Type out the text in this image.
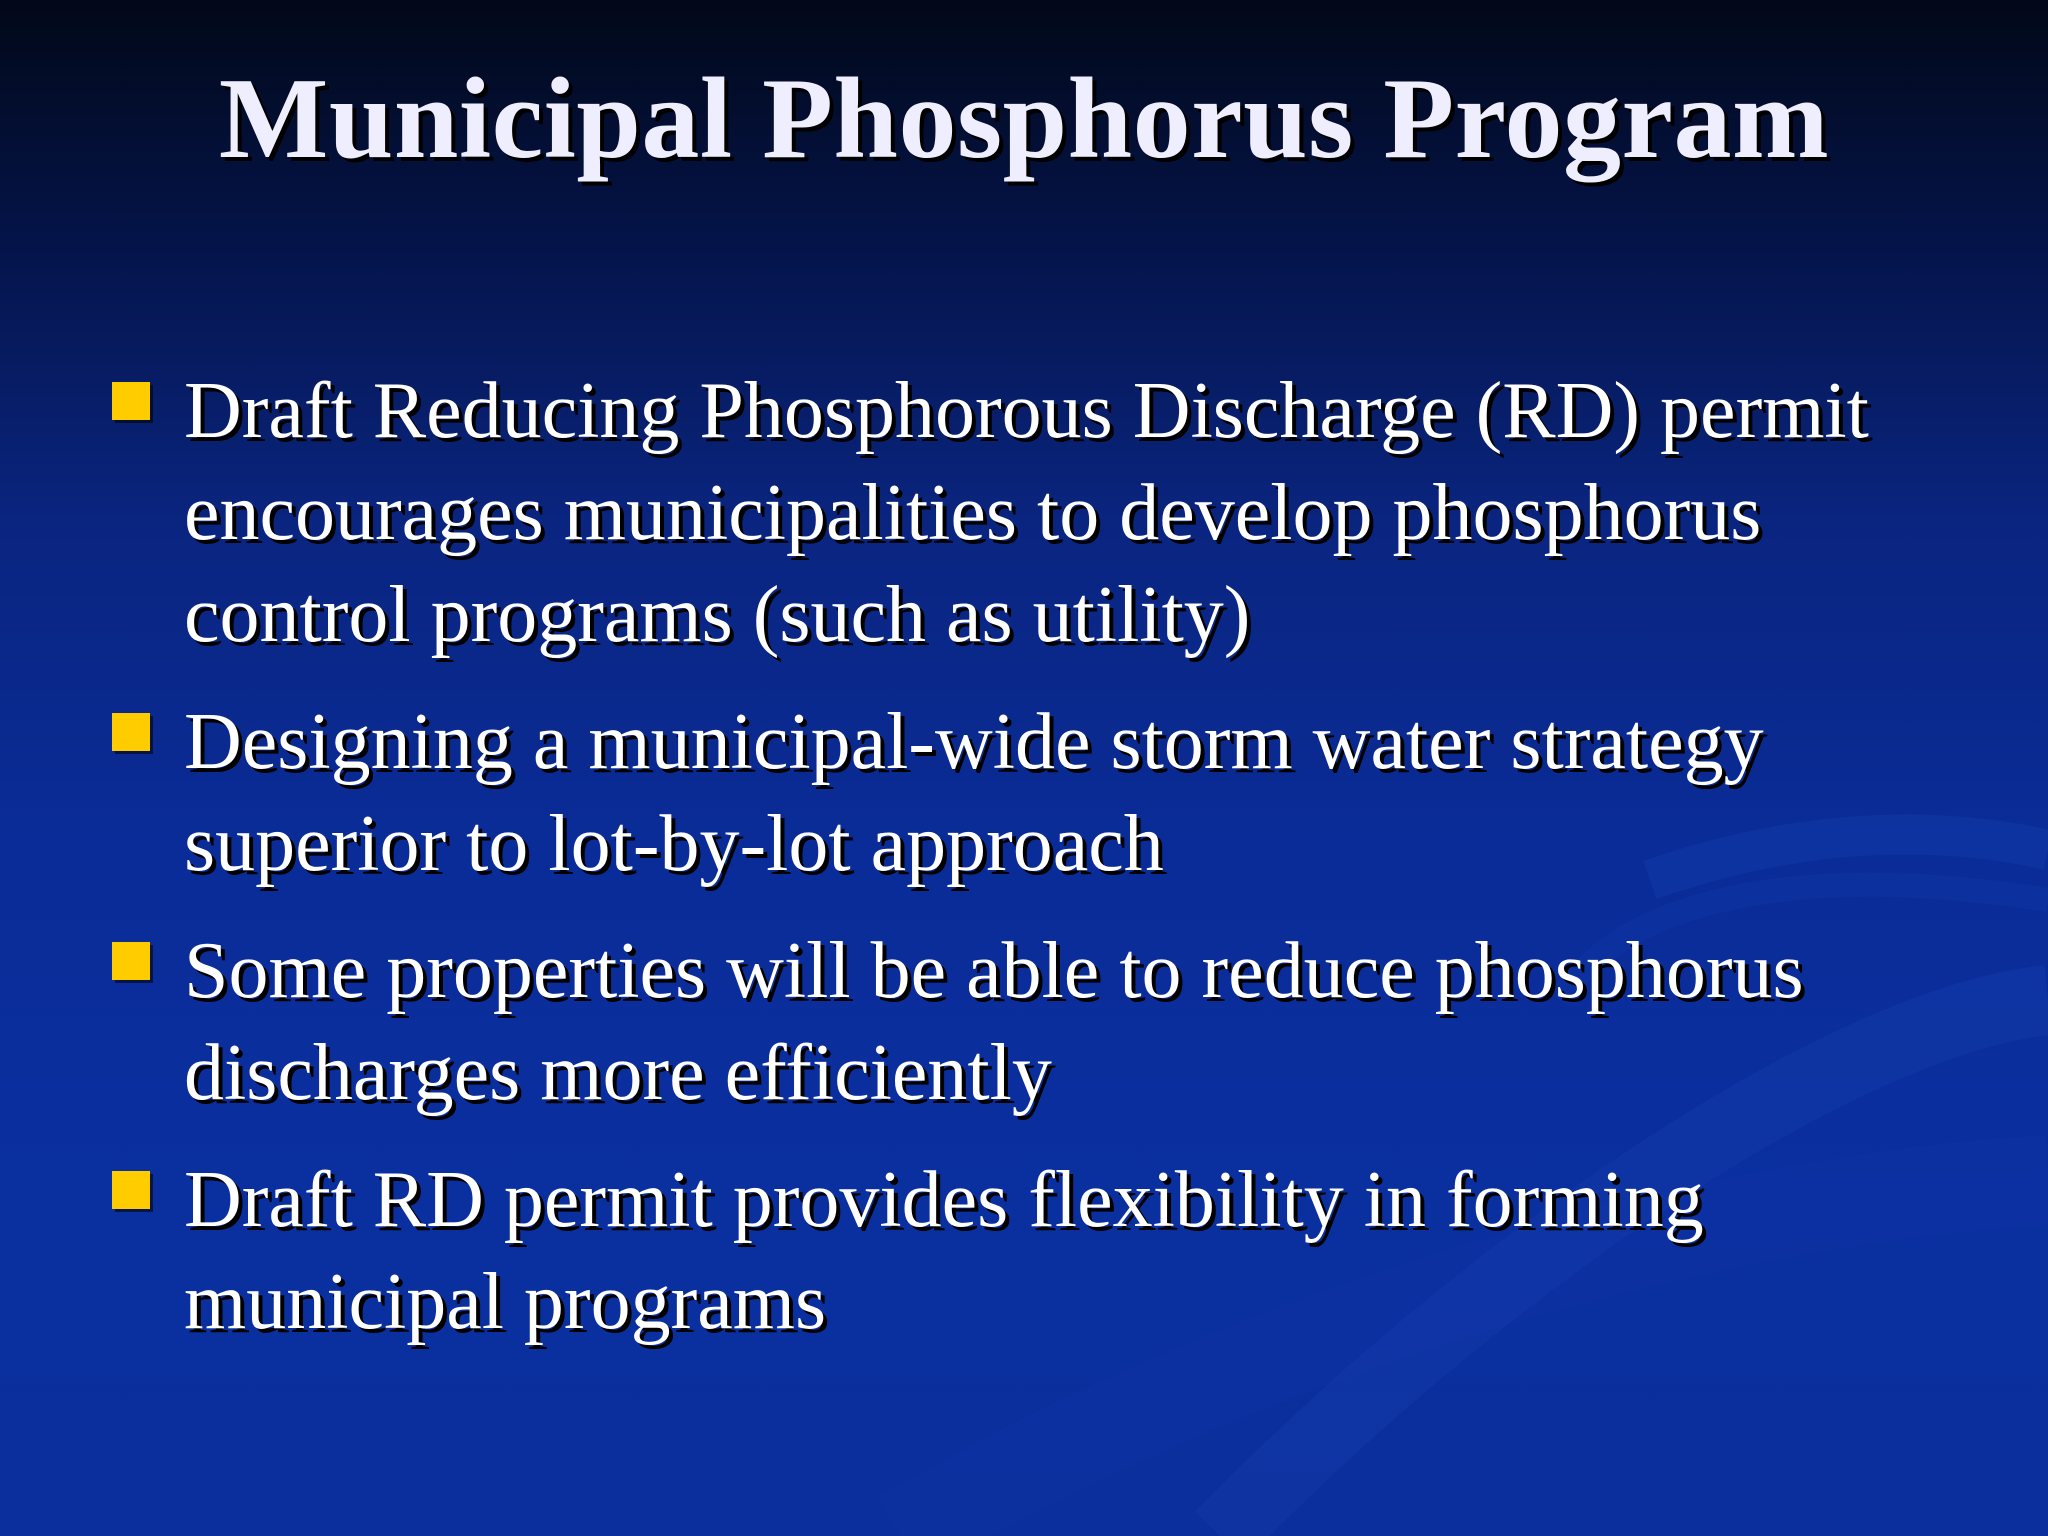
Municipal Phosphorus Program
Draft Reducing Phosphorous Discharge (RD) permit encourages municipalities to develop phosphorus control programs (such as utility)
Designing a municipal-wide storm water strategy superior to lot-by-lot approach
Some properties will be able to reduce phosphorus discharges more efficiently
Draft RD permit provides flexibility in forming municipal programs
